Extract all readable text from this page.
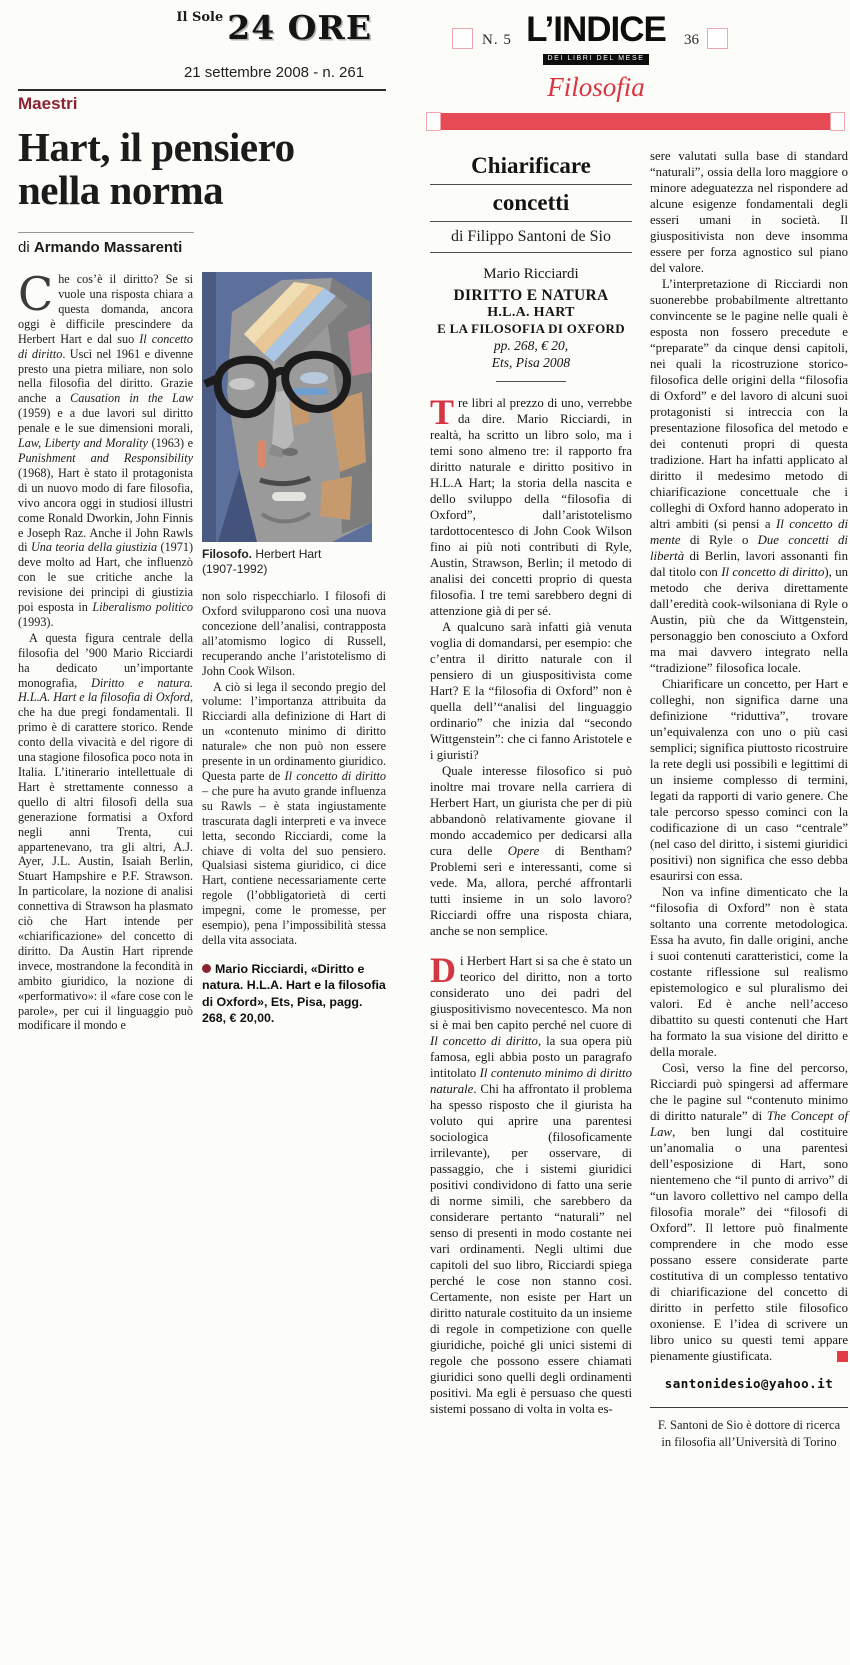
$^{Il Sole}$ 24 ORE
21 settembre 2008 - n. 261
Maestri
Hart, il pensiero
nella norma
di Armando Massarenti

Che cos’è il diritto? Se si vuole una risposta chiara a questa domanda, ancora oggi è difficile prescindere da Herbert Hart e dal suo Il concetto di diritto. Uscì nel 1961 e divenne presto una pietra miliare, non solo nella filosofia del diritto. Grazie anche a Causation in the Law (1959) e a due lavori sul diritto penale e le sue dimensioni morali, Law, Liberty and Morality (1963) e Punishment and Responsibility (1968), Hart è stato il protagonista di un nuovo modo di fare filosofia, vivo ancora oggi in studiosi illustri come Ronald Dworkin, John Finnis e Joseph Raz. Anche il John Rawls di Una teoria della giustizia (1971) deve molto ad Hart, che influenzò con le sue critiche anche la revisione dei principi di giustizia poi esposta in Liberalismo politico (1993).

A questa figura centrale della filosofia del ’900 Mario Ricciardi ha dedicato un’importante monografia, Diritto e natura. H.L.A. Hart e la filosofia di Oxford, che ha due pregi fondamentali. Il primo è di carattere storico. Rende conto della vivacità e del rigore di una stagione filosofica poco nota in Italia. L’itinerario intellettuale di Hart è strettamente connesso a quello di altri filosofi della sua generazione formatisi a Oxford negli anni Trenta, cui appartenevano, tra gli altri, A.J. Ayer, J.L. Austin, Isaiah Berlin, Stuart Hampshire e P.F. Strawson. In particolare, la nozione di analisi connettiva di Strawson ha plasmato ciò che Hart intende per «chiarificazione» del concetto di diritto. Da Austin Hart riprende invece, mostrandone la fecondità in ambito giuridico, la nozione di «performativo»: il «fare cose con le parole», per cui il linguaggio può modificare il mondo e

Filosofo. Herbert Hart
(1907-1992)

non solo rispecchiarlo. I filosofi di Oxford svilupparono così una nuova concezione dell’analisi, contrapposta all’atomismo logico di Russell, recuperando anche l’aristotelismo di John Cook Wilson.

A ciò si lega il secondo pregio del volume: l’importanza attribuita da Ricciardi alla definizione di Hart di un «contenuto minimo di diritto naturale» che non può non essere presente in un ordinamento giuridico. Questa parte de Il concetto di diritto – che pure ha avuto grande influenza su Rawls – è stata ingiustamente trascurata dagli interpreti e va invece letta, secondo Ricciardi, come la chiave di volta del suo pensiero. Qualsiasi sistema giuridico, ci dice Hart, contiene necessariamente certe regole (l’obbligatorietà di certi impegni, come le promesse, per esempio), pena l’impossibilità stessa della vita associata.

Mario Ricciardi, «Diritto e natura. H.L.A. Hart e la filosofia di Oxford», Ets, Pisa, pagg. 268, € 20,00.
N. 5 L’INDICE
DEI LIBRI DEL MESE
36
Filosofia
Chiarificare
concetti
di Filippo Santoni de Sio
Mario Ricciardi
DIRITTO E NATURA
H.L.A. HART
E LA FILOSOFIA DI OXFORD
pp. 268, € 20,
Ets, Pisa 2008

Tre libri al prezzo di uno, verrebbe da dire. Mario Ricciardi, in realtà, ha scritto un libro solo, ma i temi sono almeno tre: il rapporto fra diritto naturale e diritto positivo in H.L.A Hart; la storia della nascita e dello sviluppo della “filosofia di Oxford”, dall’aristotelismo tardottocentesco di John Cook Wilson fino ai più noti contributi di Ryle, Austin, Strawson, Berlin; il metodo di analisi dei concetti proprio di questa filosofia. I tre temi sarebbero degni di attenzione già di per sé.

A qualcuno sarà infatti già venuta voglia di domandarsi, per esempio: che c’entra il diritto naturale con il pensiero di un giuspositivista come Hart? E la “filosofia di Oxford” non è quella dell’“analisi del linguaggio ordinario” che inizia dal “secondo Wittgenstein”: che ci fanno Aristotele e i giuristi?

Quale interesse filosofico si può inoltre mai trovare nella carriera di Herbert Hart, un giurista che per di più abbandonò relativamente giovane il mondo accademico per dedicarsi alla cura delle Opere di Bentham? Problemi seri e interessanti, come si vede. Ma, allora, perché affrontarli tutti insieme in un solo lavoro? Ricciardi offre una risposta chiara, anche se non semplice.

Di Herbert Hart si sa che è stato un teorico del diritto, non a torto considerato uno dei padri del giuspositivismo novecentesco. Ma non si è mai ben capito perché nel cuore di Il concetto di diritto, la sua opera più famosa, egli abbia posto un paragrafo intitolato Il contenuto minimo di diritto naturale. Chi ha affrontato il problema ha spesso risposto che il giurista ha voluto qui aprire una parentesi sociologica (filosoficamente irrilevante), per osservare, di passaggio, che i sistemi giuridici positivi condividono di fatto una serie di norme simili, che sarebbero da considerare pertanto “naturali” nel senso di presenti in modo costante nei vari ordinamenti. Negli ultimi due capitoli del suo libro, Ricciardi spiega perché le cose non stanno così. Certamente, non esiste per Hart un diritto naturale costituito da un insieme di regole in competizione con quelle giuridiche, poiché gli unici sistemi di regole che possono essere chiamati giuridici sono quelli degli ordinamenti positivi. Ma egli è persuaso che questi sistemi possano di volta in volta es-

sere valutati sulla base di standard “naturali”, ossia della loro maggiore o minore adeguatezza nel rispondere ad alcune esigenze fondamentali degli esseri umani in società. Il giuspositivista non deve insomma essere per forza agnostico sul piano del valore.

L’interpretazione di Ricciardi non suonerebbe probabilmente altrettanto convincente se le pagine nelle quali è esposta non fossero precedute e “preparate” da cinque densi capitoli, nei quali la ricostruzione storico-filosofica delle origini della “filosofia di Oxford” e del lavoro di alcuni suoi protagonisti si intreccia con la presentazione filosofica del metodo e dei contenuti propri di questa tradizione. Hart ha infatti applicato al diritto il medesimo metodo di chiarificazione concettuale che i colleghi di Oxford hanno adoperato in altri ambiti (si pensi a Il concetto di mente di Ryle o Due concetti di libertà di Berlin, lavori assonanti fin dal titolo con Il concetto di diritto), un metodo che deriva direttamente dall’eredità cook-wilsoniana di Ryle o Austin, più che da Wittgenstein, personaggio ben conosciuto a Oxford ma mai davvero integrato nella “tradizione” filosofica locale.

Chiarificare un concetto, per Hart e colleghi, non significa darne una definizione “riduttiva”, trovare un’equivalenza con uno o più casi semplici; significa piuttosto ricostruire la rete degli usi possibili e legittimi di un insieme complesso di termini, legati da rapporti di vario genere. Che tale percorso spesso cominci con la codificazione di un caso “centrale” (nel caso del diritto, i sistemi giuridici positivi) non significa che esso debba esaurirsi con essa.

Non va infine dimenticato che la “filosofia di Oxford” non è stata soltanto una corrente metodologica. Essa ha avuto, fin dalle origini, anche i suoi contenuti caratteristici, come la costante riflessione sul realismo epistemologico e sul pluralismo dei valori. Ed è anche nell’acceso dibattito su questi contenuti che Hart ha formato la sua visione del diritto e della morale.

Così, verso la fine del percorso, Ricciardi può spingersi ad affermare che le pagine sul “contenuto minimo di diritto naturale” di The Concept of Law, ben lungi dal costituire un’anomalia o una parentesi dell’esposizione di Hart, sono nientemeno che “il punto di arrivo” di “un lavoro collettivo nel campo della filosofia morale” dei “filosofi di Oxford”. Il lettore può finalmente comprendere in che modo esse possano essere considerate parte costitutiva di un complesso tentativo di chiarificazione del concetto di diritto in perfetto stile filosofico oxoniense. E l’idea di scrivere un libro unico su questi temi appare pienamente giustificata.

santonidesio@yahoo.it
F. Santoni de Sio è dottore di ricerca
in filosofia all’Università di Torino
